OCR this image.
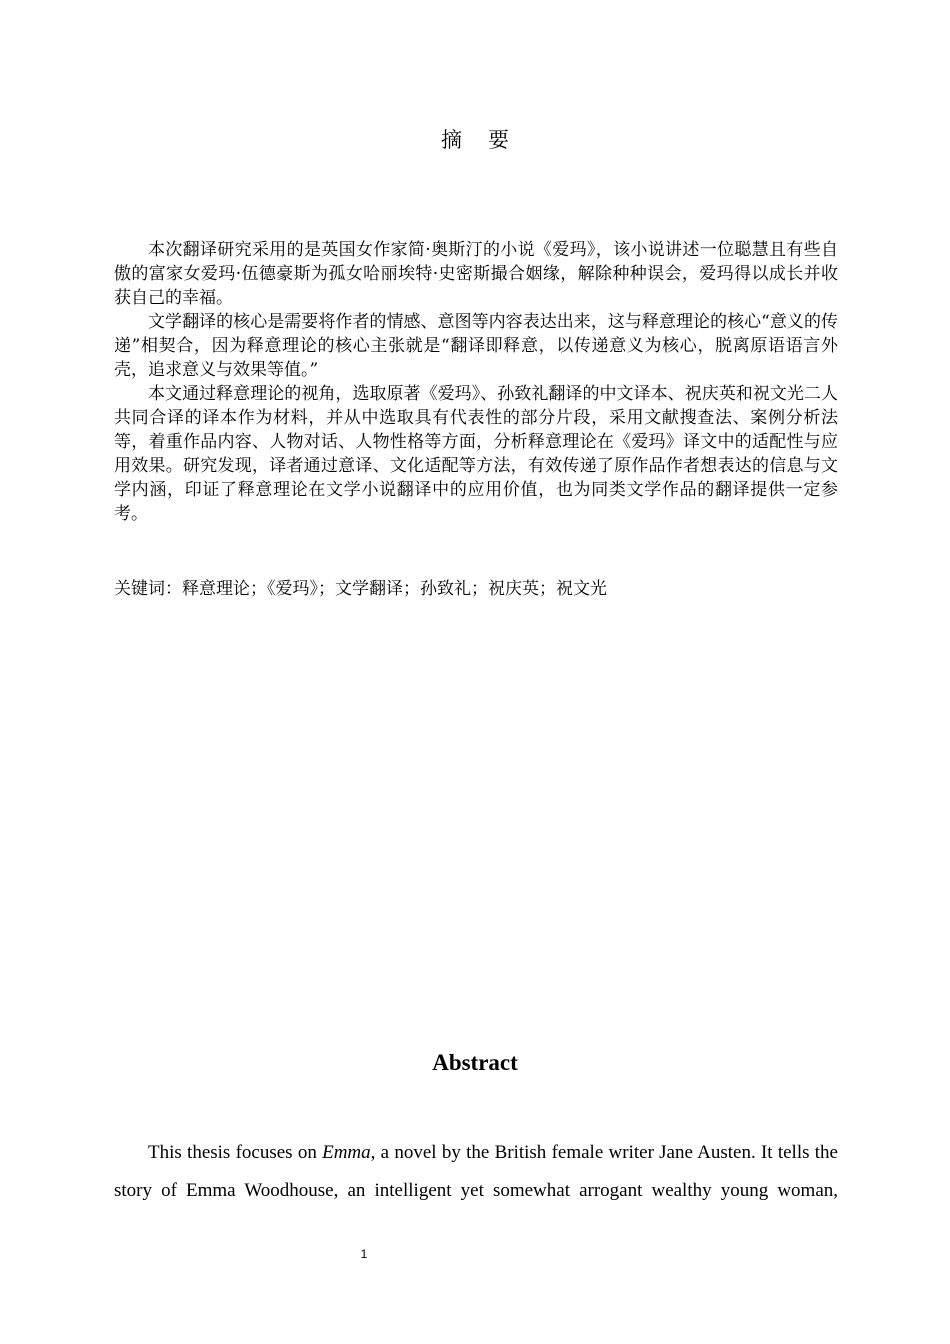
摘要

本次翻译研究采用的是英国女作家简·奥斯汀的小说《爱玛》，该小说讲述一位聪慧且有些自傲的富家女爱玛·伍德豪斯为孤女哈丽埃特·史密斯撮合姻缘，解除种种误会，爱玛得以成长并收获自己的幸福。

文学翻译的核心是需要将作者的情感、意图等内容表达出来，这与释意理论的核心“意义的传递”相契合，因为释意理论的核心主张就是“翻译即释意，以传递意义为核心，脱离原语语言外壳，追求意义与效果等值。”

本文通过释意理论的视角，选取原著《爱玛》、孙致礼翻译的中文译本、祝庆英和祝文光二人共同合译的译本作为材料，并从中选取具有代表性的部分片段，采用文献搜查法、案例分析法等，着重作品内容、人物对话、人物性格等方面，分析释意理论在《爱玛》译文中的适配性与应用效果。研究发现，译者通过意译、文化适配等方法，有效传递了原作品作者想表达的信息与文学内涵，印证了释意理论在文学小说翻译中的应用价值，也为同类文学作品的翻译提供一定参考。

关键词：释意理论；《爱玛》；文学翻译；孙致礼；祝庆英；祝文光
Abstract

This thesis focuses on Emma, a novel by the British female writer Jane Austen. It tells the story of Emma Woodhouse, an intelligent yet somewhat arrogant wealthy young woman,

1
